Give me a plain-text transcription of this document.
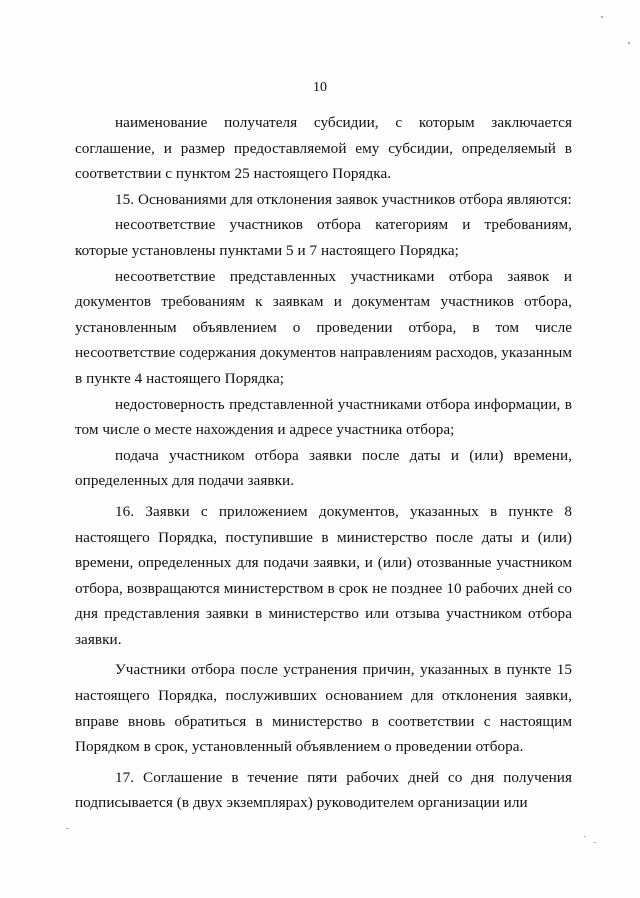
10

наименование получателя субсидии, с которым заключается соглашение, и размер предоставляемой ему субсидии, определяемый в соответствии с пунктом 25 настоящего Порядка.

15. Основаниями для отклонения заявок участников отбора являются:

несоответствие участников отбора категориям и требованиям, которые установлены пунктами 5 и 7 настоящего Порядка;

несоответствие представленных участниками отбора заявок и документов требованиям к заявкам и документам участников отбора, установленным объявлением о проведении отбора, в том числе несоответствие содержания документов направлениям расходов, указанным в пункте 4 настоящего Порядка;

недостоверность представленной участниками отбора информации, в том числе о месте нахождения и адресе участника отбора;

подача участником отбора заявки после даты и (или) времени, определенных для подачи заявки.

16. Заявки с приложением документов, указанных в пункте 8 настоящего Порядка, поступившие в министерство после даты и (или) времени, определенных для подачи заявки, и (или) отозванные участником отбора, возвращаются министерством в срок не позднее 10 рабочих дней со дня представления заявки в министерство или отзыва участником отбора заявки.

Участники отбора после устранения причин, указанных в пункте 15 настоящего Порядка, послуживших основанием для отклонения заявки, вправе вновь обратиться в министерство в соответствии с настоящим Порядком в срок, установленный объявлением о проведении отбора.

17. Соглашение в течение пяти рабочих дней со дня получения подписывается (в двух экземплярах) руководителем организации или
